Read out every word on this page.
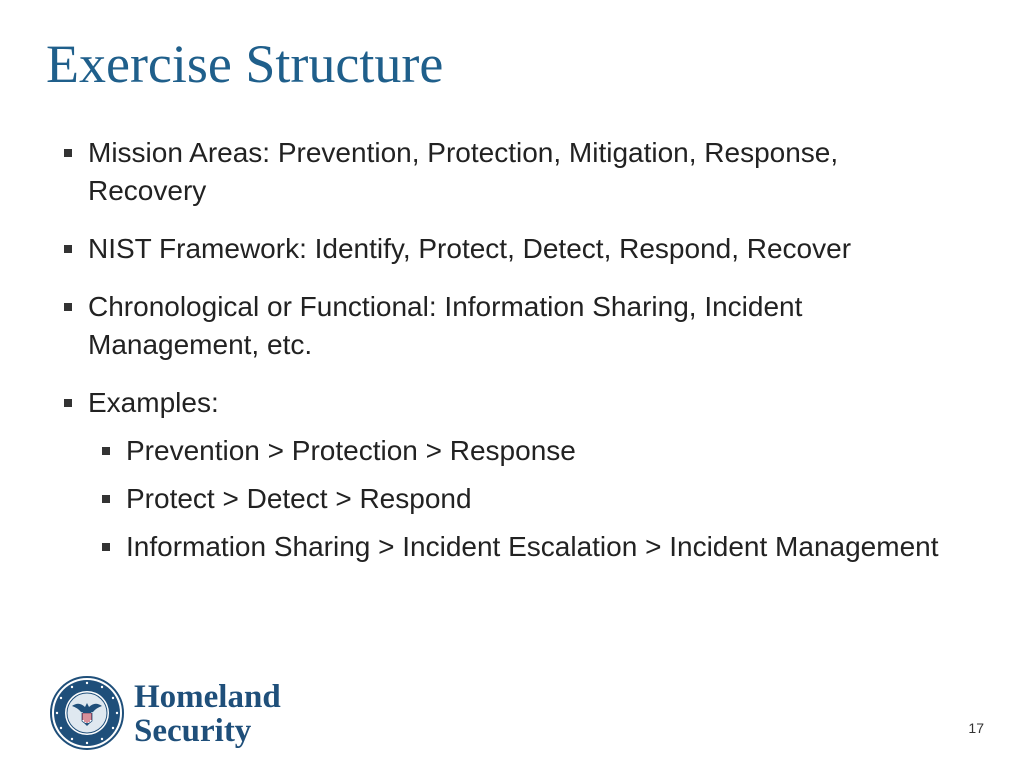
Exercise Structure
Mission Areas: Prevention, Protection, Mitigation, Response, Recovery
NIST Framework: Identify, Protect, Detect, Respond, Recover
Chronological or Functional: Information Sharing, Incident Management, etc.
Examples:
Prevention > Protection > Response
Protect > Detect > Respond
Information Sharing > Incident Escalation > Incident Management
Homeland
Security	17
